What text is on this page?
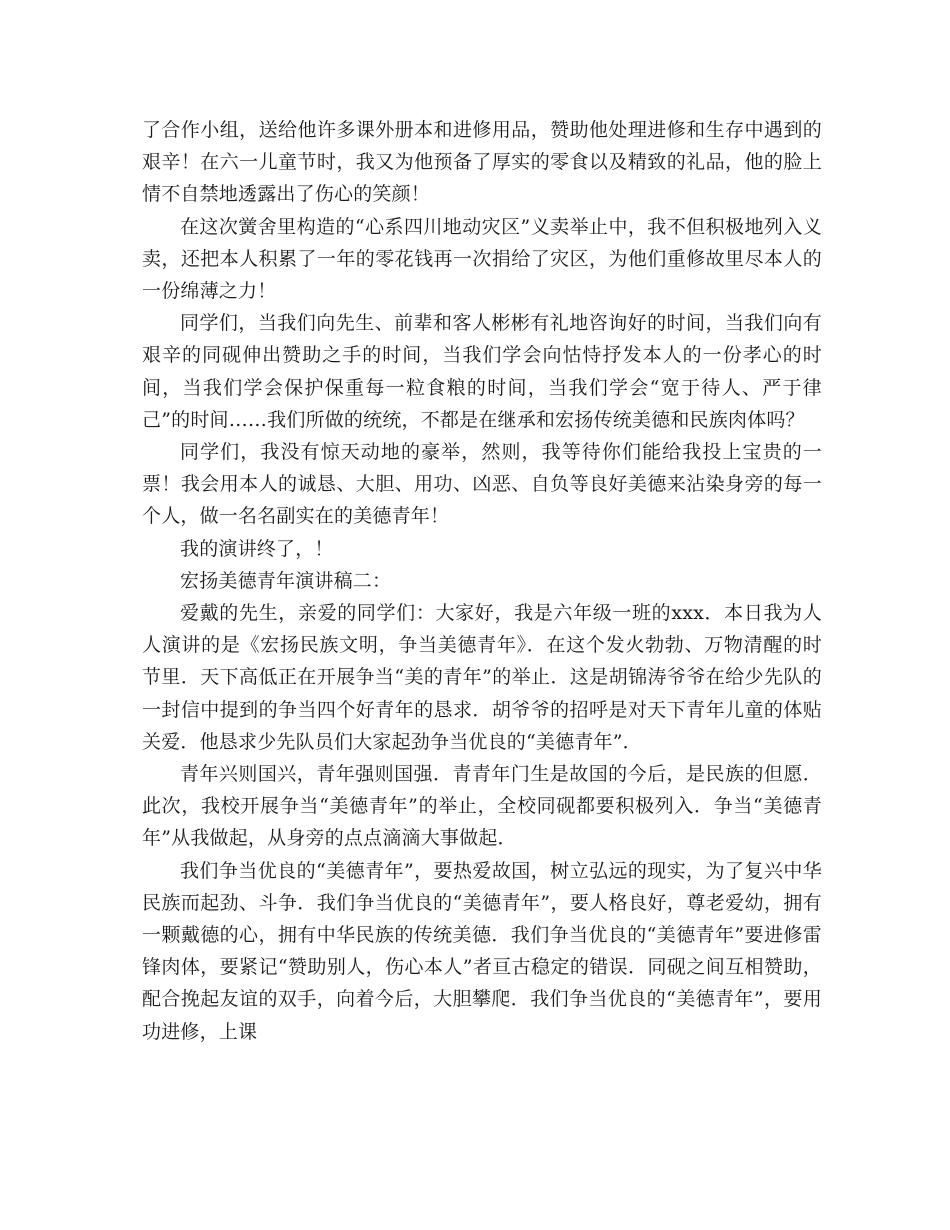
了合作小组，送给他许多课外册本和进修用品，赞助他处理进修和生存中遇到的艰辛！在六一儿童节时，我又为他预备了厚实的零食以及精致的礼品，他的脸上情不自禁地透露出了伤心的笑颜！

在这次黉舍里构造的“心系四川地动灾区”义卖举止中，我不但积极地列入义卖，还把本人积累了一年的零花钱再一次捐给了灾区，为他们重修故里尽本人的一份绵薄之力！

同学们，当我们向先生、前辈和客人彬彬有礼地咨询好的时间，当我们向有艰辛的同砚伸出赞助之手的时间，当我们学会向怙恃抒发本人的一份孝心的时间，当我们学会保护保重每一粒食粮的时间，当我们学会“宽于待人、严于律己”的时间……我们所做的统统，不都是在继承和宏扬传统美德和民族肉体吗？

同学们，我没有惊天动地的豪举，然则，我等待你们能给我投上宝贵的一票！我会用本人的诚恳、大胆、用功、凶恶、自负等良好美德来沾染身旁的每一个人，做一名名副实在的美德青年！

我的演讲终了，！

宏扬美德青年演讲稿二：

爱戴的先生，亲爱的同学们：大家好，我是六年级一班的xxx．本日我为人人演讲的是《宏扬民族文明，争当美德青年》．在这个发火勃勃、万物清醒的时节里．天下高低正在开展争当“美的青年”的举止．这是胡锦涛爷爷在给少先队的一封信中提到的争当四个好青年的恳求．胡爷爷的招呼是对天下青年儿童的体贴关爱．他恳求少先队员们大家起劲争当优良的“美德青年”．

青年兴则国兴，青年强则国强．青青年门生是故国的今后，是民族的但愿．此次，我校开展争当“美德青年”的举止，全校同砚都要积极列入．争当“美德青年”从我做起，从身旁的点点滴滴大事做起．

我们争当优良的“美德青年”，要热爱故国，树立弘远的现实，为了复兴中华民族而起劲、斗争．我们争当优良的“美德青年”，要人格良好，尊老爱幼，拥有一颗戴德的心，拥有中华民族的传统美德．我们争当优良的“美德青年”要进修雷锋肉体，要紧记“赞助别人，伤心本人”者亘古稳定的错误．同砚之间互相赞助，配合挽起友谊的双手，向着今后，大胆攀爬．我们争当优良的“美德青年”，要用功进修，上课
